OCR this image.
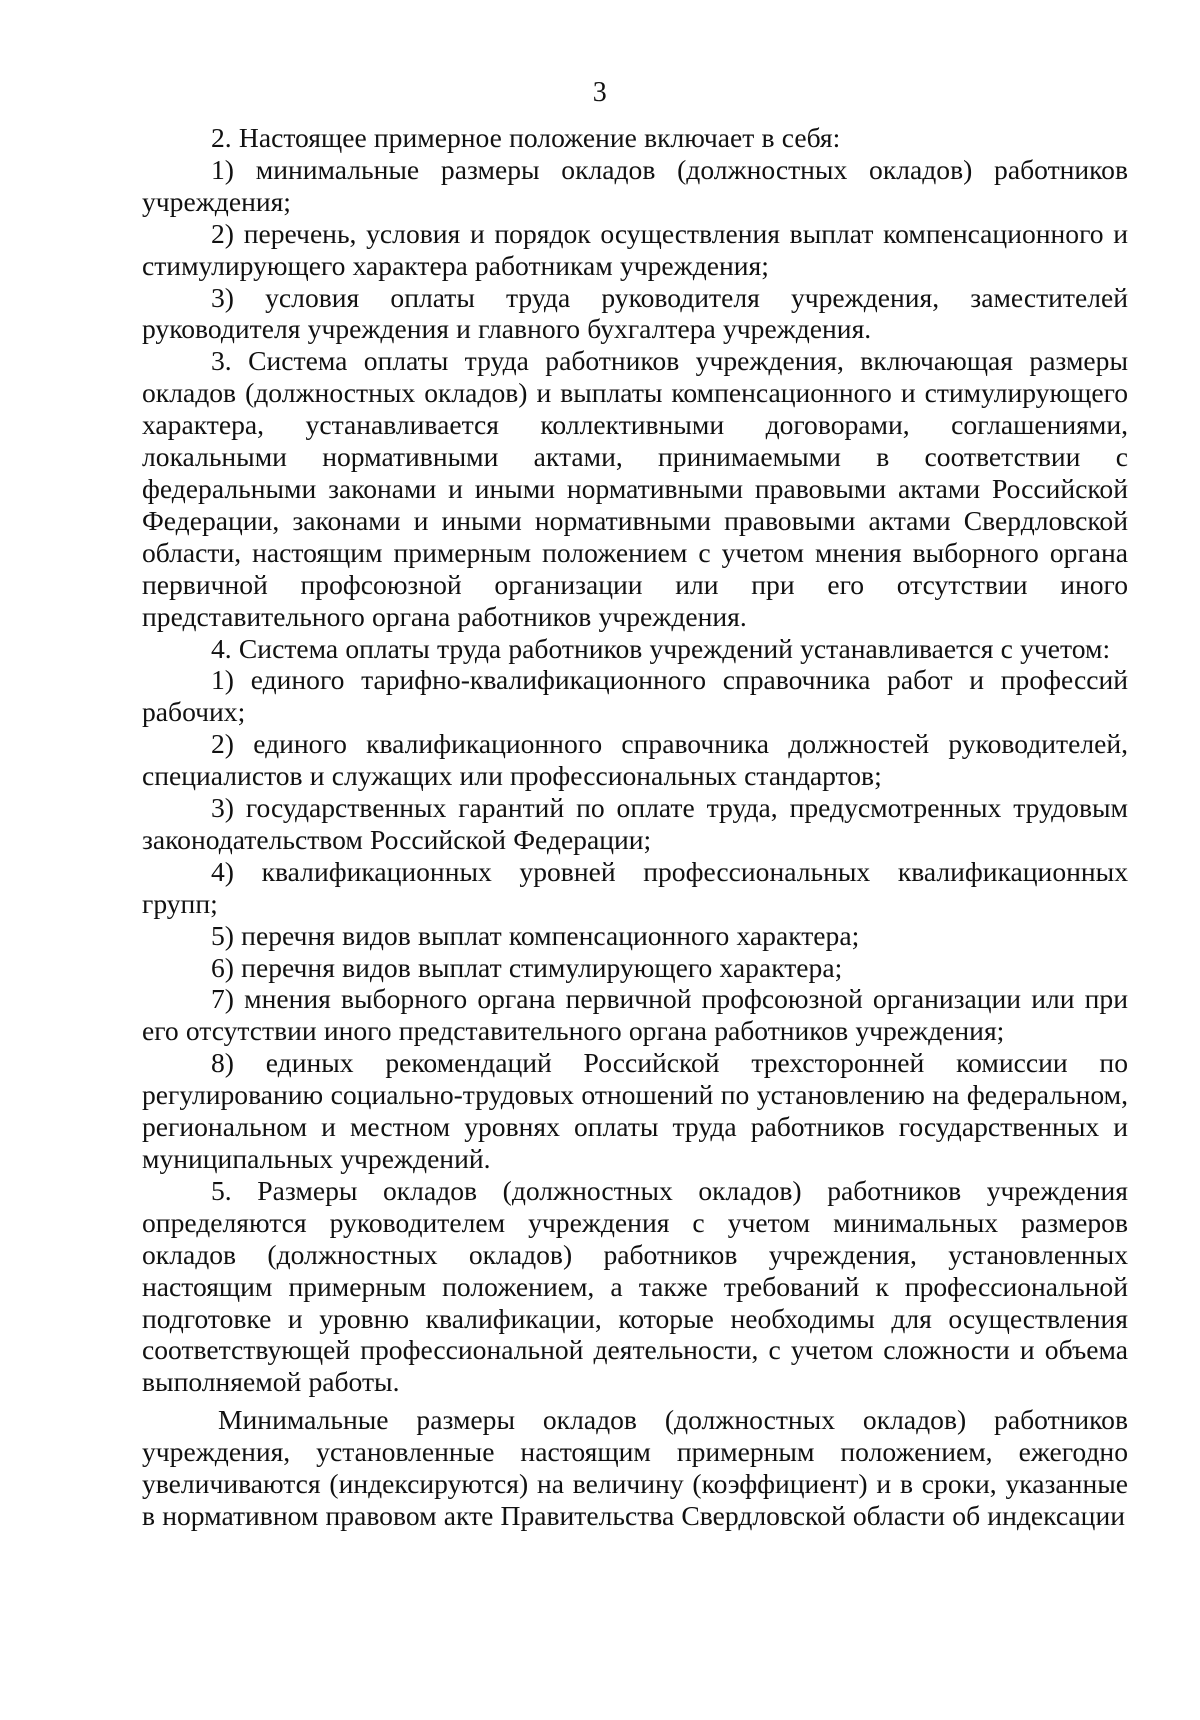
3

2. Настоящее примерное положение включает в себя:

1) минимальные размеры окладов (должностных окладов) работников учреждения;

2) перечень, условия и порядок осуществления выплат компенсационного и стимулирующего характера работникам учреждения;

3) условия оплаты труда руководителя учреждения, заместителей руководителя учреждения и главного бухгалтера учреждения.

3. Система оплаты труда работников учреждения, включающая размеры окладов (должностных окладов) и выплаты компенсационного и стимулирующего характера, устанавливается коллективными договорами, соглашениями, локальными нормативными актами, принимаемыми в соответствии с федеральными законами и иными нормативными правовыми актами Российской Федерации, законами и иными нормативными правовыми актами Свердловской области, настоящим примерным положением с учетом мнения выборного органа первичной профсоюзной организации или при его отсутствии иного представительного органа работников учреждения.

4. Система оплаты труда работников учреждений устанавливается с учетом:

1) единого тарифно-квалификационного справочника работ и профессий рабочих;

2) единого квалификационного справочника должностей руководителей, специалистов и служащих или профессиональных стандартов;

3) государственных гарантий по оплате труда, предусмотренных трудовым законодательством Российской Федерации;

4) квалификационных уровней профессиональных квалификационных групп;

5) перечня видов выплат компенсационного характера;

6) перечня видов выплат стимулирующего характера;

7) мнения выборного органа первичной профсоюзной организации или при его отсутствии иного представительного органа работников учреждения;

8) единых рекомендаций Российской трехсторонней комиссии по регулированию социально-трудовых отношений по установлению на федеральном, региональном и местном уровнях оплаты труда работников государственных и муниципальных учреждений.

5. Размеры окладов (должностных окладов) работников учреждения определяются руководителем учреждения с учетом минимальных размеров окладов (должностных окладов) работников учреждения, установленных настоящим примерным положением, а также требований к профессиональной подготовке и уровню квалификации, которые необходимы для осуществления соответствующей профессиональной деятельности, с учетом сложности и объема выполняемой работы.

Минимальные размеры окладов (должностных окладов) работников учреждения, установленные настоящим примерным положением, ежегодно увеличиваются (индексируются) на величину (коэффициент) и в сроки, указанные в нормативном правовом акте Правительства Свердловской области об индексации
